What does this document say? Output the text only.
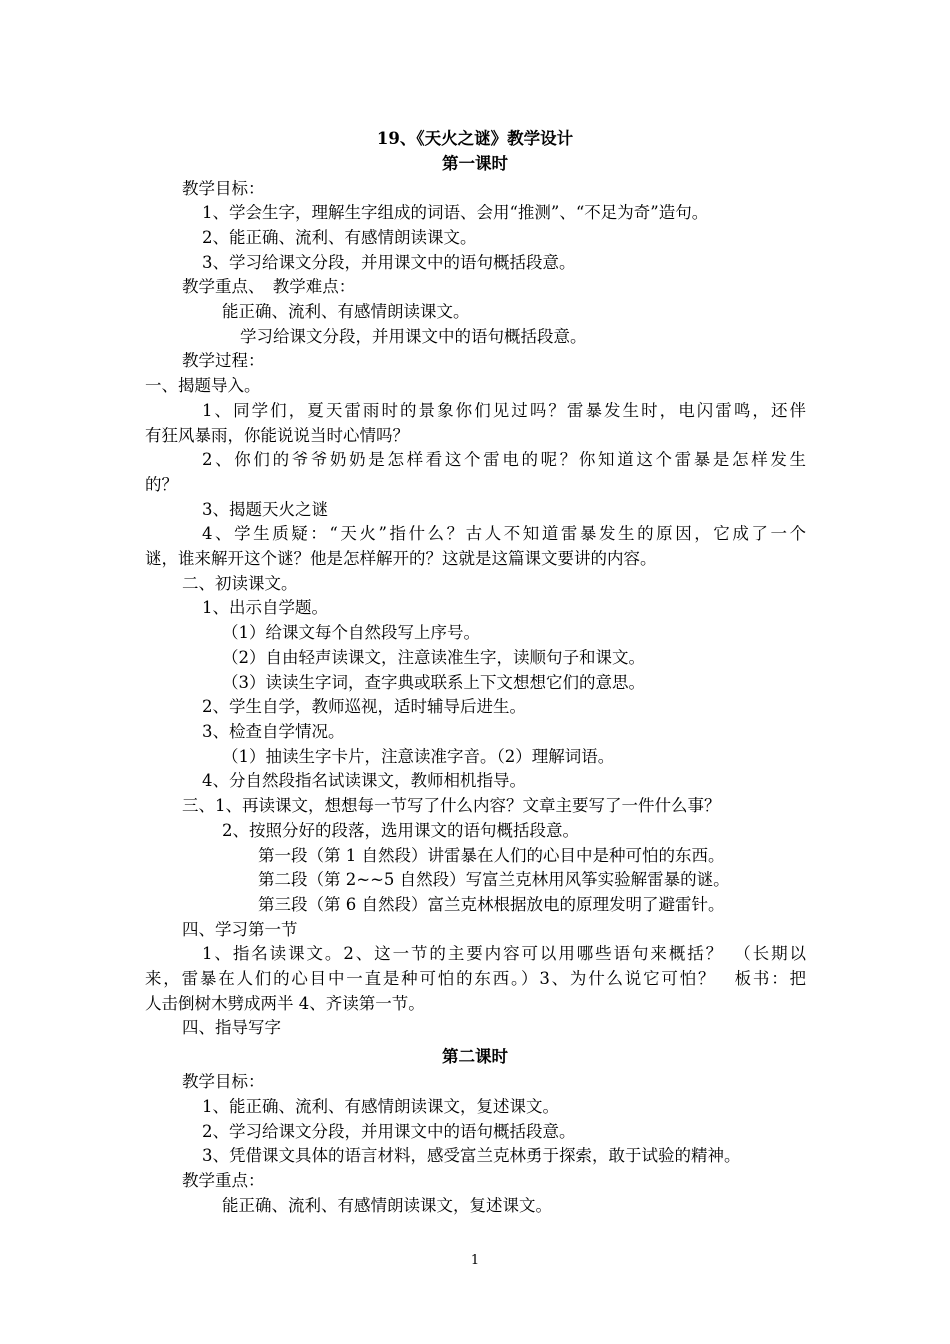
19、《天火之谜》教学设计
第一课时
教学目标：
1、学会生字，理解生字组成的词语、会用“推测”、“不足为奇”造句。
2、能正确、流利、有感情朗读课文。
3、学习给课文分段，并用课文中的语句概括段意。
教学重点、　教学难点：
能正确、流利、有感情朗读课文。
学习给课文分段，并用课文中的语句概括段意。
教学过程：
一、揭题导入。
1、同学们，夏天雷雨时的景象你们见过吗？雷暴发生时，电闪雷鸣，还伴
有狂风暴雨，你能说说当时心情吗？
2、你们的爷爷奶奶是怎样看这个雷电的呢？你知道这个雷暴是怎样发生
的？
3、揭题天火之谜
4、学生质疑：“天火”指什么？古人不知道雷暴发生的原因，它成了一个
谜，谁来解开这个谜？他是怎样解开的？这就是这篇课文要讲的内容。
二、初读课文。
1、出示自学题。
（1）给课文每个自然段写上序号。
（2）自由轻声读课文，注意读准生字，读顺句子和课文。
（3）读读生字词，查字典或联系上下文想想它们的意思。
2、学生自学，教师巡视，适时辅导后进生。
3、检查自学情况。
（1）抽读生字卡片，注意读准字音。（2）理解词语。
4、分自然段指名试读课文，教师相机指导。
三、1、再读课文，想想每一节写了什么内容？文章主要写了一件什么事？
2、按照分好的段落，选用课文的语句概括段意。
第一段（第 1 自然段）讲雷暴在人们的心目中是种可怕的东西。
第二段（第 2~~5 自然段）写富兰克林用风筝实验解雷暴的谜。
第三段（第 6 自然段）富兰克林根据放电的原理发明了避雷针。
四、学习第一节
1、指名读课文。2、这一节的主要内容可以用哪些语句来概括？　（长期以
来，雷暴在人们的心目中一直是种可怕的东西。）3、为什么说它可怕？　板书：把
人击倒树木劈成两半 4、齐读第一节。
四、指导写字
第二课时
教学目标：
1、能正确、流利、有感情朗读课文，复述课文。
2、学习给课文分段，并用课文中的语句概括段意。
3、凭借课文具体的语言材料，感受富兰克林勇于探索，敢于试验的精神。
教学重点：
能正确、流利、有感情朗读课文，复述课文。
1
